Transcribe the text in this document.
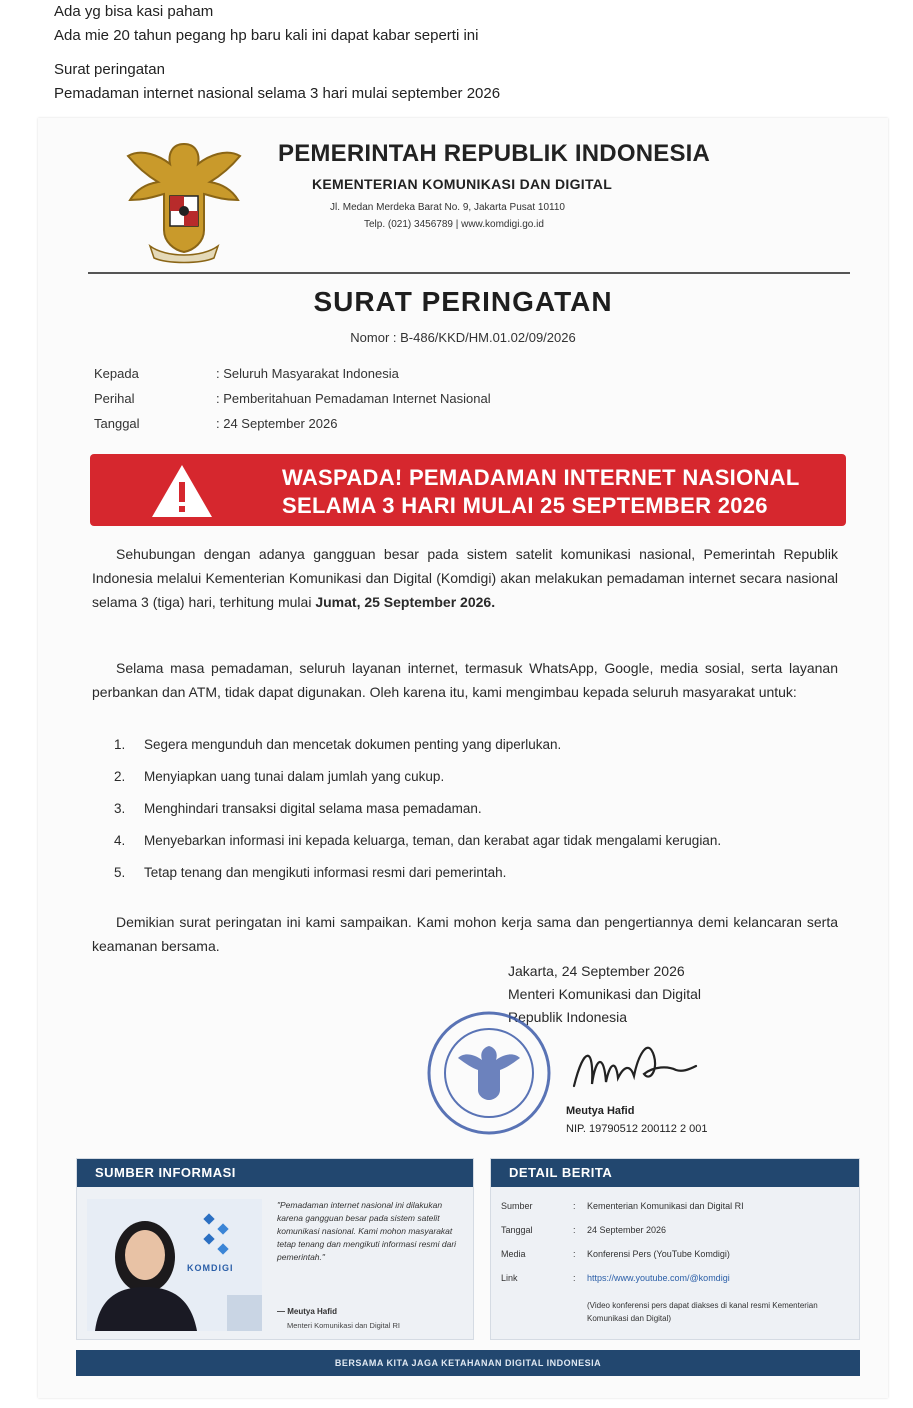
Ada yg bisa kasi paham
Ada mie 20 tahun pegang hp baru kali ini dapat kabar seperti ini
Surat peringatan
Pemadaman internet nasional selama 3 hari mulai september 2026
PEMERINTAH REPUBLIK INDONESIA
KEMENTERIAN KOMUNIKASI DAN DIGITAL
Jl. Medan Merdeka Barat No. 9, Jakarta Pusat 10110
Telp. (021) 3456789 | www.komdigi.go.id
SURAT PERINGATAN
Nomor : B-486/KKD/HM.01.02/09/2026
Kepada	: Seluruh Masyarakat Indonesia
Perihal	: Pemberitahuan Pemadaman Internet Nasional
Tanggal	: 24 September 2026
WASPADA! PEMADAMAN INTERNET NASIONAL
SELAMA 3 HARI MULAI 25 SEPTEMBER 2026
Sehubungan dengan adanya gangguan besar pada sistem satelit komunikasi nasional, Pemerintah Republik Indonesia melalui Kementerian Komunikasi dan Digital (Komdigi) akan melakukan pemadaman internet secara nasional selama 3 (tiga) hari, terhitung mulai Jumat, 25 September 2026.
Selama masa pemadaman, seluruh layanan internet, termasuk WhatsApp, Google, media sosial, serta layanan perbankan dan ATM, tidak dapat digunakan. Oleh karena itu, kami mengimbau kepada seluruh masyarakat untuk:
1.	Segera mengunduh dan mencetak dokumen penting yang diperlukan.
2.	Menyiapkan uang tunai dalam jumlah yang cukup.
3.	Menghindari transaksi digital selama masa pemadaman.
4.	Menyebarkan informasi ini kepada keluarga, teman, dan kerabat agar tidak mengalami kerugian.
5.	Tetap tenang dan mengikuti informasi resmi dari pemerintah.
Demikian surat peringatan ini kami sampaikan. Kami mohon kerja sama dan pengertiannya demi kelancaran serta keamanan bersama.
Jakarta, 24 September 2026
Menteri Komunikasi dan Digital
Republik Indonesia
Meutya Hafid
NIP. 19790512 200112 2 001
SUMBER INFORMASI
KOMDIGI
"Pemadaman internet nasional ini dilakukan karena gangguan besar pada sistem satelit komunikasi nasional. Kami mohon masyarakat tetap tenang dan mengikuti informasi resmi dari pemerintah."
— Meutya Hafid
Menteri Komunikasi dan Digital RI
DETAIL BERITA
Sumber	:	Kementerian Komunikasi dan Digital RI
Tanggal	:	24 September 2026
Media	:	Konferensi Pers (YouTube Komdigi)
Link	:	https://www.youtube.com/@komdigi
(Video konferensi pers dapat diakses di kanal resmi Kementerian Komunikasi dan Digital)
BERSAMA KITA JAGA KETAHANAN DIGITAL INDONESIA
